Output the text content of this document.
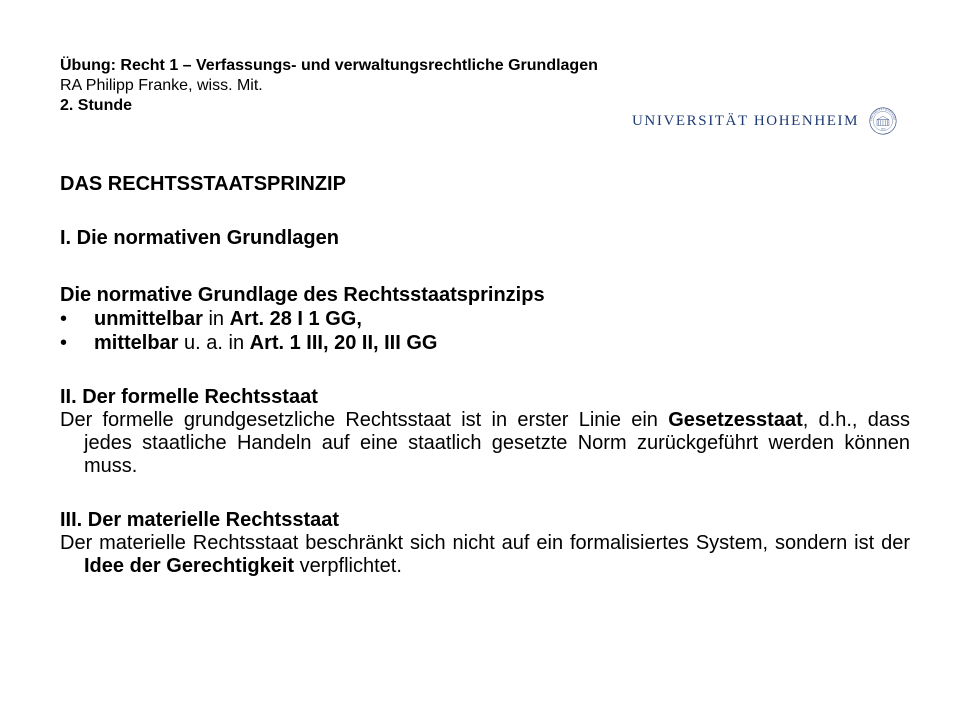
Übung: Recht 1 – Verfassungs- und verwaltungsrechtliche Grundlagen
RA Philipp Franke, wiss. Mit.
2. Stunde
UNIVERSITÄT HOHENHEIM	UNIVERSITÄT HOHENHEI
1818
DAS RECHTSSTAATSPRINZIP
I. Die normativen Grundlagen
Die normative Grundlage des Rechtsstaatsprinzips
• unmittelbar in Art. 28 I 1 GG,
• mittelbar u. a. in Art. 1 III, 20 II, III GG
II. Der formelle Rechtsstaat
Der formelle grundgesetzliche Rechtsstaat ist in erster Linie ein Gesetzesstaat, d.h., dass jedes staatliche Handeln auf eine staatlich gesetzte Norm zurückgeführt werden können muss.
III. Der materielle Rechtsstaat
Der materielle Rechtsstaat beschränkt sich nicht auf ein formalisiertes System, sondern ist der Idee der Gerechtigkeit verpflichtet.
